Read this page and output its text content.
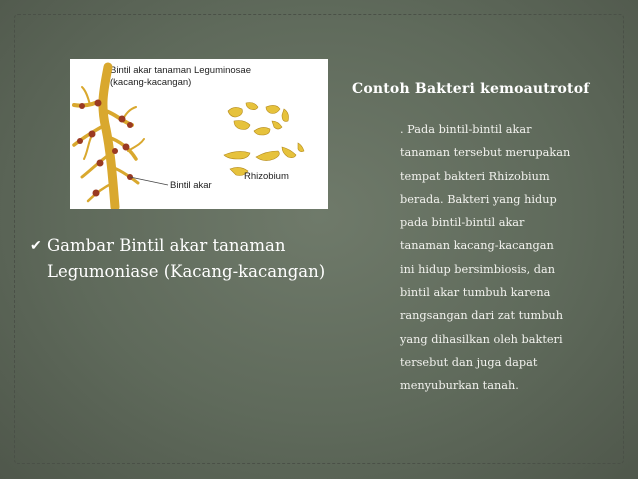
Bintil akar tanaman Leguminosae
(kacang-kacangan)
Bintil akar
Rhizobium
Contoh Bakteri kemoautrotof
. Pada bintil-bintil akar
tanaman tersebut merupakan
tempat bakteri Rhizobium
berada. Bakteri yang hidup
pada bintil-bintil akar
tanaman kacang-kacangan
ini hidup bersimbiosis, dan
bintil akar tumbuh karena
rangsangan dari zat tumbuh
yang dihasilkan oleh bakteri
tersebut dan juga dapat
menyuburkan tanah.
✔ Gambar Bintil akar tanaman
Legumoniase (Kacang-kacangan)
